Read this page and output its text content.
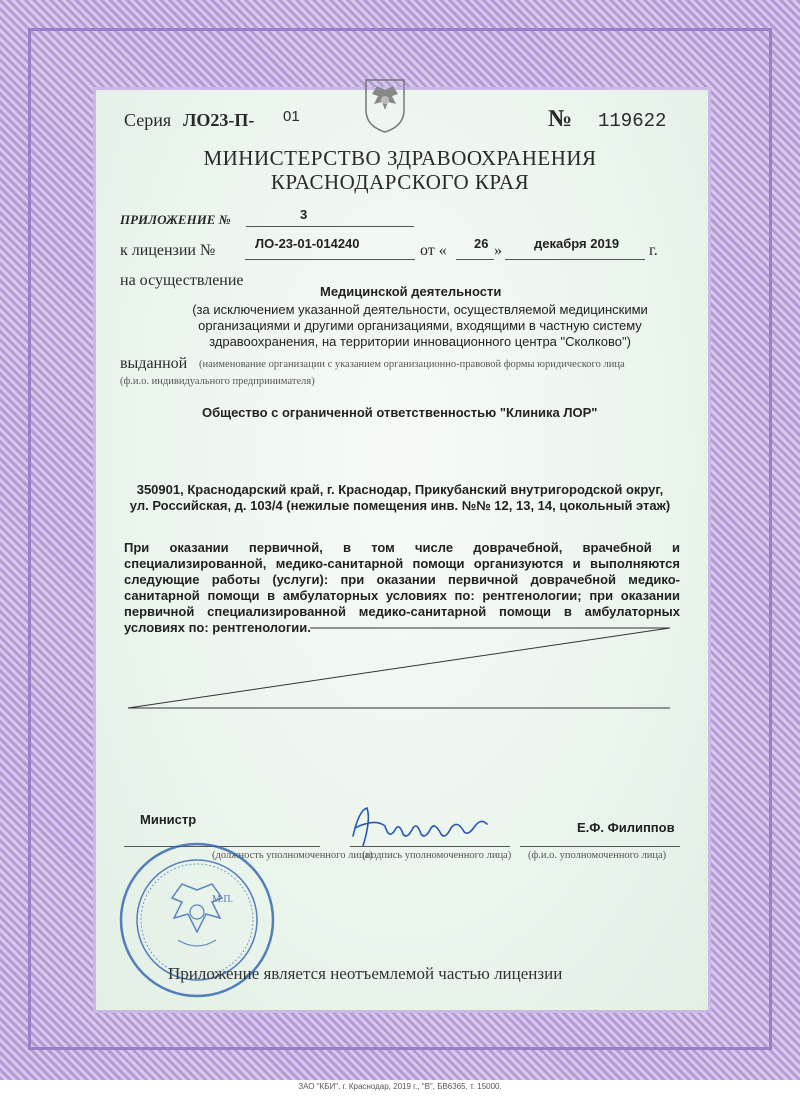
Серия ЛО23-П- 01	№ 119622
МИНИСТЕРСТВО ЗДРАВООХРАНЕНИЯ
КРАСНОДАРСКОГО КРАЯ
ПРИЛОЖЕНИЕ №	3
к лицензии №	ЛО-23-01-014240	от « 26 » декабря 2019 г.
на осуществление
Медицинской деятельности
(за исключением указанной деятельности, осуществляемой медицинскими
организациями и другими организациями, входящими в частную систему
здравоохранения, на территории инновационного центра "Сколково")
выданной (наименование организации с указанием организационно-правовой формы юридического лица
(ф.и.о. индивидуального предпринимателя)
Общество с ограниченной ответственностью "Клиника ЛОР"
350901, Краснодарский край, г. Краснодар, Прикубанский внутригородской округ,
ул. Российская, д. 103/4 (нежилые помещения инв. №№ 12, 13, 14, цокольный этаж)
При оказании первичной, в том числе доврачебной, врачебной и специализированной, медико-санитарной помощи организуются и выполняются следующие работы (услуги): при оказании первичной доврачебной медико-санитарной помощи в амбулаторных условиях по: рентгенологии; при оказании первичной специализированной медико-санитарной помощи в амбулаторных условиях по: рентгенологии.
Министр
(должность уполномоченного лица)
(подпись уполномоченного лица)
Е.Ф. Филиппов
(ф.и.о. уполномоченного лица)
М.П.
Приложение является неотъемлемой частью лицензии
ЗАО "КБИ", г. Краснодар, 2019 г., "В", БВ6365, т. 15000.
